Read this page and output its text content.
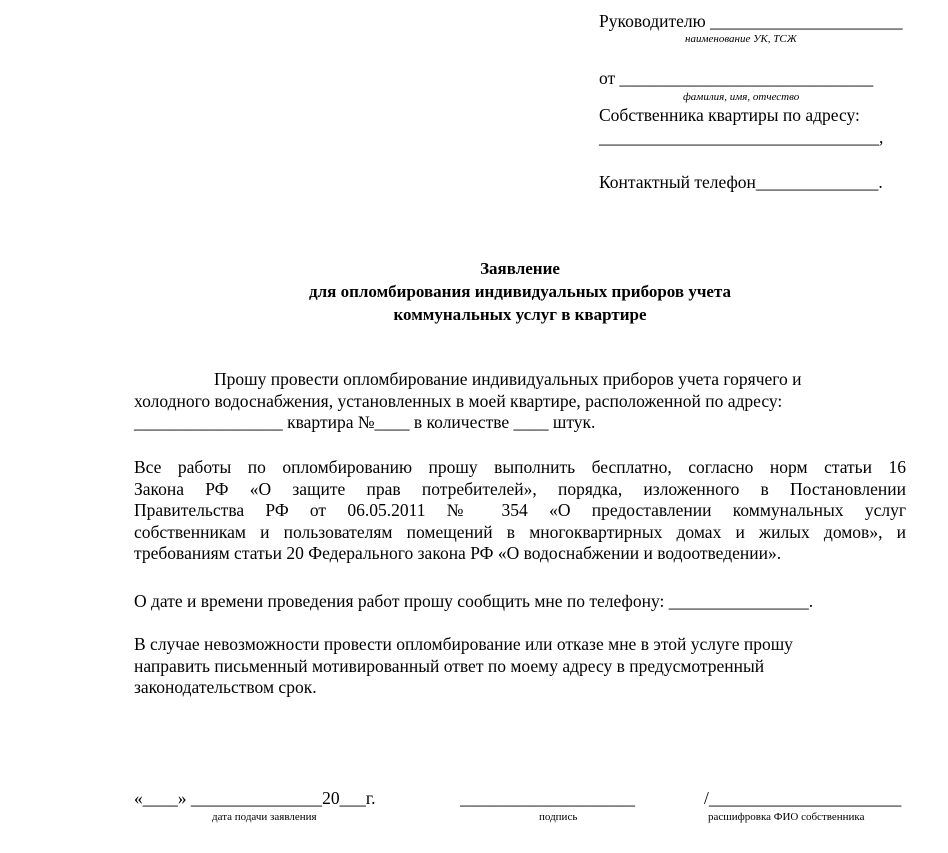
Руководителю ______________________
наименование УК, ТСЖ
от _____________________________
фамилия, имя, отчество
Собственника квартиры по адресу:
________________________________,
Контактный телефон______________.
Заявление
для опломбирования индивидуальных приборов учета
коммунальных услуг в квартире
Прошу провести опломбирование индивидуальных приборов учета горячего и
холодного водоснабжения, установленных в моей квартире, расположенной по адресу:
_________________ квартира №____ в количестве ____ штук.
Все работы по опломбированию прошу выполнить бесплатно, согласно норм статьи 16
Закона РФ «О защите прав потребителей», порядка, изложенного в Постановлении
Правительства РФ от 06.05.2011 № 354 «О предоставлении коммунальных услуг
собственникам и пользователям помещений в многоквартирных домах и жилых домов», и
требованиям статьи 20 Федерального закона РФ «О водоснабжении и водоотведении».
О дате и времени проведения работ прошу сообщить мне по телефону: ________________.
В случае невозможности провести опломбирование или отказе мне в этой услуге прошу
направить письменный мотивированный ответ по моему адресу в предусмотренный
законодательством срок.
«____» _______________20___г.
дата подачи заявления
____________________
подпись
/______________________
расшифровка ФИО собственника
